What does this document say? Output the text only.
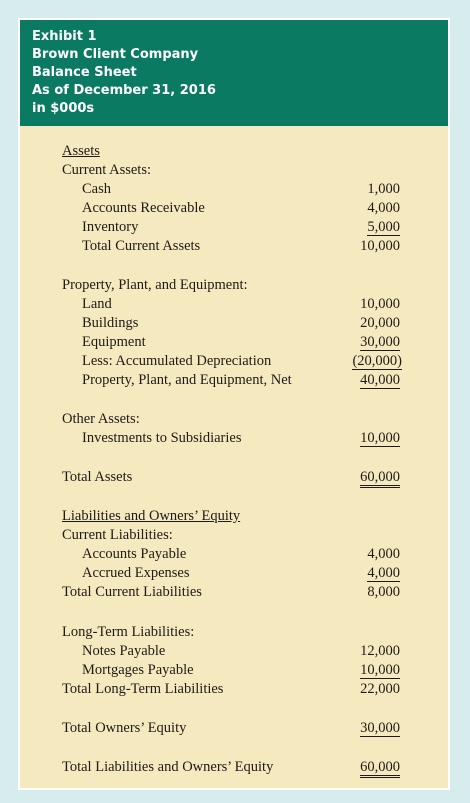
Exhibit 1
Brown Client Company
Balance Sheet
As of December 31, 2016
in $000s
Assets
Current Assets:
Cash	1,000
Accounts Receivable	4,000
Inventory	5,000
Total Current Assets	10,000
Property, Plant, and Equipment:
Land	10,000
Buildings	20,000
Equipment	30,000
Less: Accumulated Depreciation	(20,000)
Property, Plant, and Equipment, Net	40,000
Other Assets:
Investments to Subsidiaries	10,000
Total Assets	60,000
Liabilities and Owners’ Equity
Current Liabilities:
Accounts Payable	4,000
Accrued Expenses	4,000
Total Current Liabilities	8,000
Long-Term Liabilities:
Notes Payable	12,000
Mortgages Payable	10,000
Total Long-Term Liabilities	22,000
Total Owners’ Equity	30,000
Total Liabilities and Owners’ Equity	60,000
